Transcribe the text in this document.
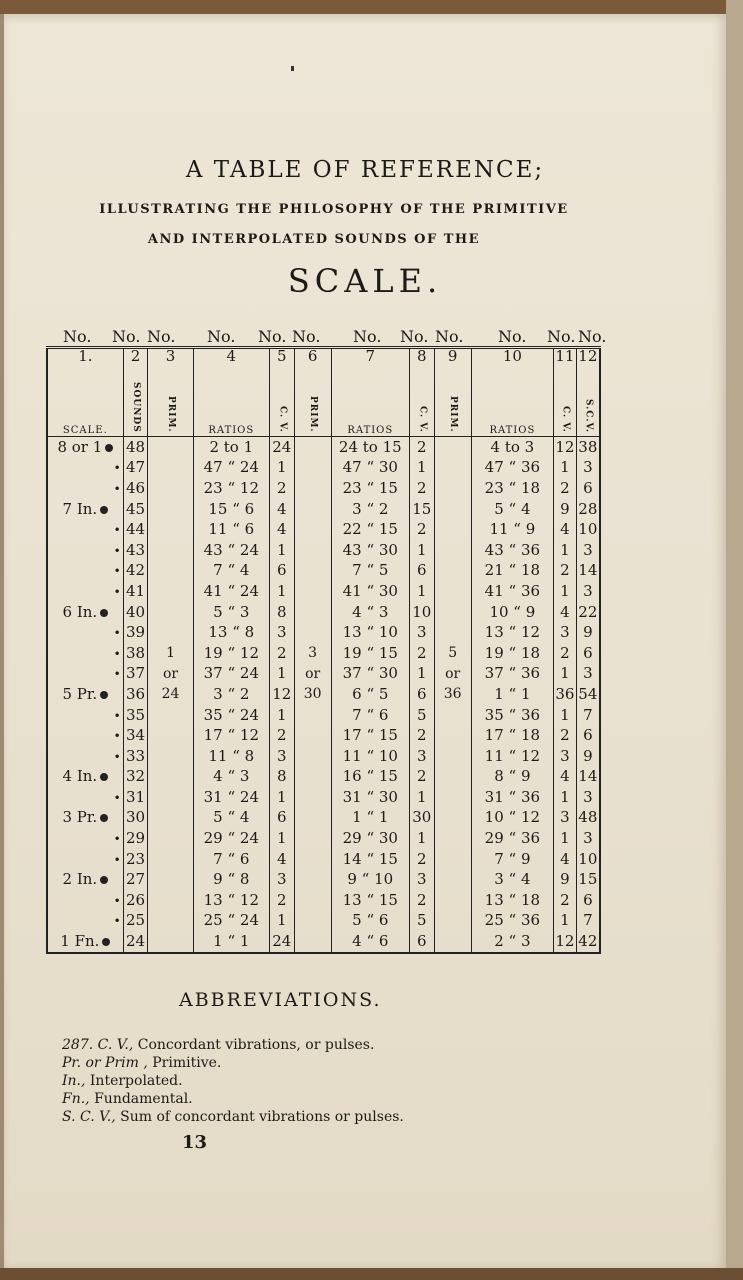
A TABLE OF REFERENCE;
ILLUSTRATING THE PHILOSOPHY OF THE PRIMITIVE
AND INTERPOLATED SOUNDS OF THE
SCALE.
No. No. No. No. No. No. No. No. No. No. No. No.
1.	2	3	4	5	6	7	8	9	10	11	12
SCALE.	SOUNDS	PRIM.	RATIOS	C. V.	PRIM.	RATIOS	C. V.	PRIM.	RATIOS	C. V.	S.C.V.
8 or 1	48		2 to 1	24		24 to 15	2		4 to 3	12	38
•	47		47 “ 24	1		47 “ 30	1		47 “ 36	1	3
•	46		23 “ 12	2		23 “ 15	2		23 “ 18	2	6
7 In.	45		15 “ 6	4		3 “ 2	15		5 “ 4	9	28
•	44		11 “ 6	4		22 “ 15	2		11 “ 9	4	10
•	43		43 “ 24	1		43 “ 30	1		43 “ 36	1	3
•	42		7 “ 4	6		7 “ 5	6		21 “ 18	2	14
•	41		41 “ 24	1		41 “ 30	1		41 “ 36	1	3
6 In.	40		5 “ 3	8		4 “ 3	10		10 “ 9	4	22
•	39		13 “ 8	3		13 “ 10	3		13 “ 12	3	9
•	38	1	19 “ 12	2	3	19 “ 15	2	5	19 “ 18	2	6
•	37	or	37 “ 24	1	or	37 “ 30	1	or	37 “ 36	1	3
5 Pr.	36	24	3 “ 2	12	30	6 “ 5	6	36	1 “ 1	36	54
•	35		35 “ 24	1		7 “ 6	5		35 “ 36	1	7
•	34		17 “ 12	2		17 “ 15	2		17 “ 18	2	6
•	33		11 “ 8	3		11 “ 10	3		11 “ 12	3	9
4 In.	32		4 “ 3	8		16 “ 15	2		8 “ 9	4	14
•	31		31 “ 24	1		31 “ 30	1		31 “ 36	1	3
3 Pr.	30		5 “ 4	6		1 “ 1	30		10 “ 12	3	48
•	29		29 “ 24	1		29 “ 30	1		29 “ 36	1	3
•	23		7 “ 6	4		14 “ 15	2		7 “ 9	4	10
2 In.	27		9 “ 8	3		9 “ 10	3		3 “ 4	9	15
•	26		13 “ 12	2		13 “ 15	2		13 “ 18	2	6
•	25		25 “ 24	1		5 “ 6	5		25 “ 36	1	7
1 Fn.	24		1 “ 1	24		4 “ 6	6		2 “ 3	12	42
ABBREVIATIONS.
287. C. V., Concordant vibrations, or pulses.
Pr. or Prim , Primitive.
In., Interpolated.
Fn., Fundamental.
S. C. V., Sum of concordant vibrations or pulses.
13
